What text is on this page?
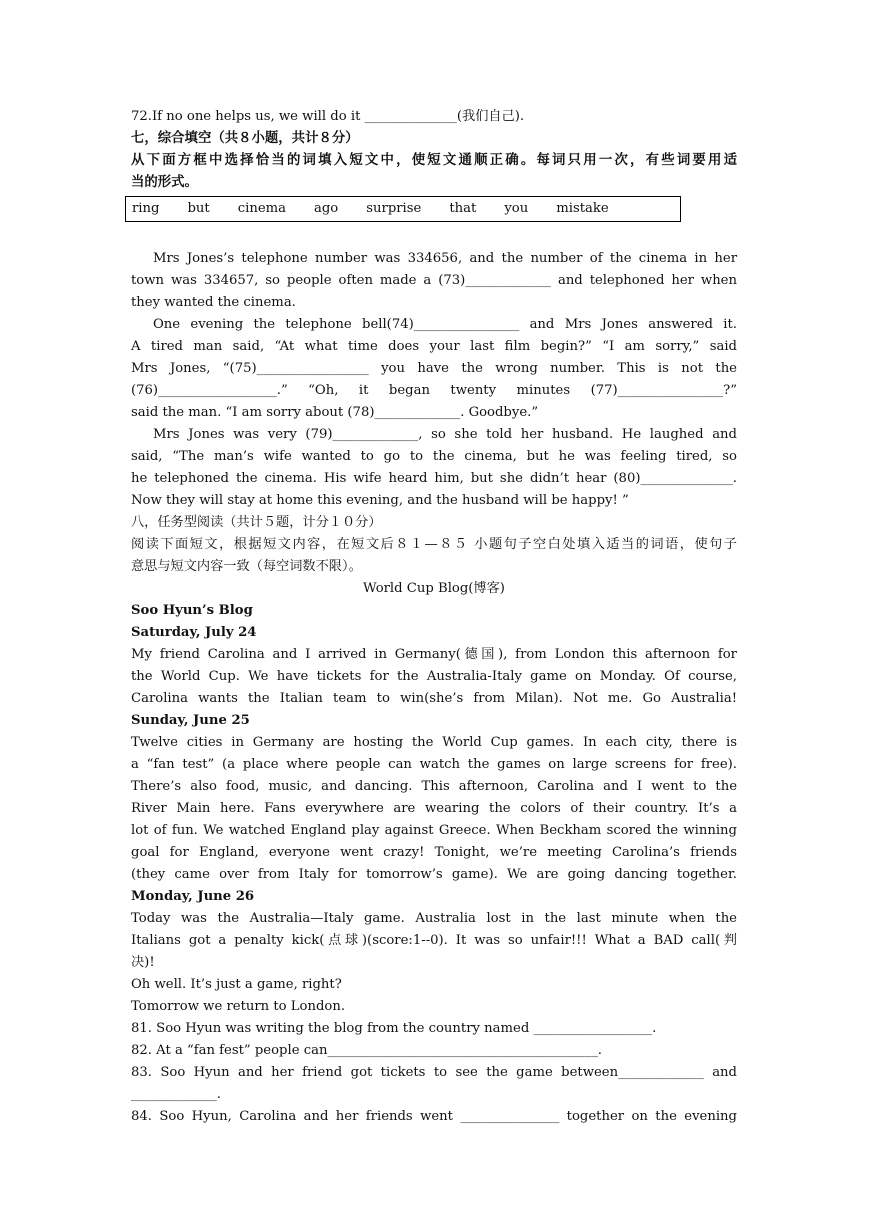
72.If no one helps us, we will do it ______________(我们自己).
七，综合填空（共８小题，共计８分）
从下面方框中选择恰当的词填入短文中，使短文通顺正确。每词只用一次，有些词要用适
当的形式。
ring but cinema ago surprise that you mistake
Mrs Jones’s telephone number was 334656, and the number of the cinema in her
town was 334657, so people often made a (73)_____________ and telephoned her when
they wanted the cinema.
One evening the telephone bell(74)________________ and Mrs Jones answered it.
A tired man said, “At what time does your last film begin?” “I am sorry,” said
Mrs Jones, “(75)_________________ you have the wrong number. This is not the
(76)__________________.” “Oh, it began twenty minutes (77)________________?”
said the man. “I am sorry about (78)_____________. Goodbye.”
Mrs Jones was very (79)_____________, so she told her husband. He laughed and
said, “The man’s wife wanted to go to the cinema, but he was feeling tired, so
he telephoned the cinema. His wife heard him, but she didn’t hear (80)______________.
Now they will stay at home this evening, and the husband will be happy! ”
八，任务型阅读（共计５题，计分１０分）
阅读下面短文，根据短文内容，在短文后８１—８５ 小题句子空白处填入适当的词语，使句子
意思与短文内容一致（每空词数不限）。
World Cup Blog(博客)
Soo Hyun’s Blog
Saturday, July 24
My friend Carolina and I arrived in Germany(德国), from London this afternoon for
the World Cup. We have tickets for the Australia-Italy game on Monday. Of course,
Carolina wants the Italian team to win(she’s from Milan). Not me. Go Australia!
Sunday, June 25
Twelve cities in Germany are hosting the World Cup games. In each city, there is
a “fan test” (a place where people can watch the games on large screens for free).
There’s also food, music, and dancing. This afternoon, Carolina and I went to the
River Main here. Fans everywhere are wearing the colors of their country. It’s a
lot of fun. We watched England play against Greece. When Beckham scored the winning
goal for England, everyone went crazy! Tonight, we’re meeting Carolina’s friends
(they came over from Italy for tomorrow’s game). We are going dancing together.
Monday, June 26
Today was the Australia—Italy game. Australia lost in the last minute when the
Italians got a penalty kick(点球)(score:1--0). It was so unfair!!! What a BAD call(判
决)!
Oh well. It’s just a game, right?
Tomorrow we return to London.
81. Soo Hyun was writing the blog from the country named __________________.
82. At a “fan fest” people can_________________________________________.
83. Soo Hyun and her friend got tickets to see the game between_____________ and
_____________.
84. Soo Hyun, Carolina and her friends went _______________ together on the evening
